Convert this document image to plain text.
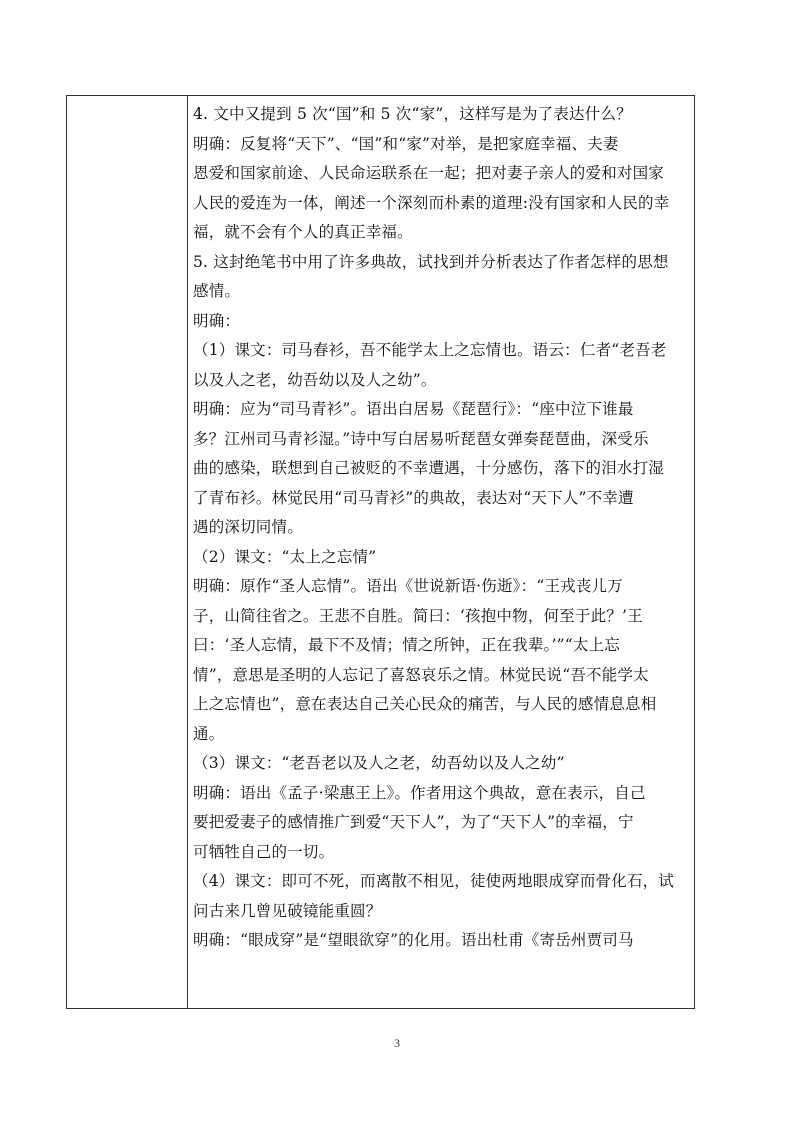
4. 文中又提到 5 次“国”和 5 次“家”，这样写是为了表达什么？
明确：反复将“天下”、“国”和“家”对举，是把家庭幸福、夫妻
恩爱和国家前途、人民命运联系在一起；把对妻子亲人的爱和对国家
人民的爱连为一体，阐述一个深刻而朴素的道理:没有国家和人民的幸
福，就不会有个人的真正幸福。
5. 这封绝笔书中用了许多典故，试找到并分析表达了作者怎样的思想
感情。
明确：
（1）课文：司马春衫，吾不能学太上之忘情也。语云：仁者“老吾老
以及人之老，幼吾幼以及人之幼”。
明确：应为“司马青衫”。语出白居易《琵琶行》：“座中泣下谁最
多？江州司马青衫湿。”诗中写白居易听琵琶女弹奏琵琶曲，深受乐
曲的感染，联想到自己被贬的不幸遭遇，十分感伤，落下的泪水打湿
了青布衫。林觉民用“司马青衫”的典故，表达对“天下人”不幸遭
遇的深切同情。
（2）课文：“太上之忘情”
明确：原作“圣人忘情”。语出《世说新语·伤逝》：“王戎丧儿万
子，山简往省之。王悲不自胜。简曰：‘孩抱中物，何至于此？’王
曰：‘圣人忘情，最下不及情；情之所钟，正在我辈。’”“太上忘
情”，意思是圣明的人忘记了喜怒哀乐之情。林觉民说“吾不能学太
上之忘情也”，意在表达自己关心民众的痛苦，与人民的感情息息相
通。
（3）课文：“老吾老以及人之老，幼吾幼以及人之幼”
明确：语出《孟子·梁惠王上》。作者用这个典故，意在表示，自己
要把爱妻子的感情推广到爱“天下人”，为了“天下人”的幸福，宁
可牺牲自己的一切。
（4）课文：即可不死，而离散不相见，徒使两地眼成穿而骨化石，试
问古来几曾见破镜能重圆？
明确：“眼成穿”是“望眼欲穿”的化用。语出杜甫《寄岳州贾司马
3
